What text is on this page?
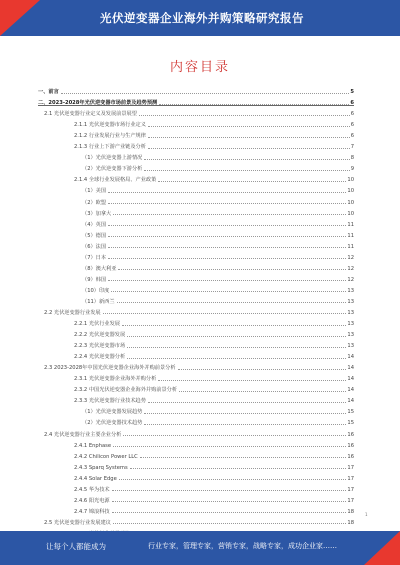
光伏逆变器企业海外并购策略研究报告
内容目录
一、前言	5
二、2023-2028年光伏逆变器市场前景及趋势预测	6
2.1 光伏逆变器行业定义及发展前景展望	6
2.1.1 光伏逆变器市场行业定义	6
2.1.2 行业发展行业与生产规律	6
2.1.3 行业上下游产业链及分析	7
（1）光伏逆变器上游情况	8
（2）光伏逆变器下游分析	9
2.1.4 全球行业发展格局、产业政策	10
（1）美国	10
（2）欧盟	10
（3）加拿大	10
（4）英国	11
（5）德国	11
（6）法国	11
（7）日本	12
（8）澳大利亚	12
（9）韩国	12
（10）印度	13
（11）新西兰	13
2.2 光伏逆变器行业发展	13
2.2.1 光伏行业发展	13
2.2.2 光伏逆变器发展	13
2.2.3 光伏逆变器市场	13
2.2.4 光伏逆变器分析	14
2.3 2023-2028年中国光伏逆变器企业海外并购前景分析	14
2.3.1 光伏逆变器企业海外并购分析	14
2.3.2 中国光伏逆变器企业海外并购前景分析	14
2.3.3 光伏逆变器行业技术趋势	14
（1）光伏逆变器发展趋势	15
（2）光伏逆变器技术趋势	15
2.4 光伏逆变器行业主要企业分析	16
2.4.1 Enphase	16
2.4.2 Chilicon Power LLC	16
2.4.3 Sparq Systems	17
2.4.4 Solar Edge	17
2.4.5 华为技术	17
2.4.6 阳光电源	17
2.4.7 锦浪科技	18
2.5 光伏逆变器行业发展建议	18
1
让每个人都能成为	行业专家，管理专家，营销专家，战略专家，成功企业家……
